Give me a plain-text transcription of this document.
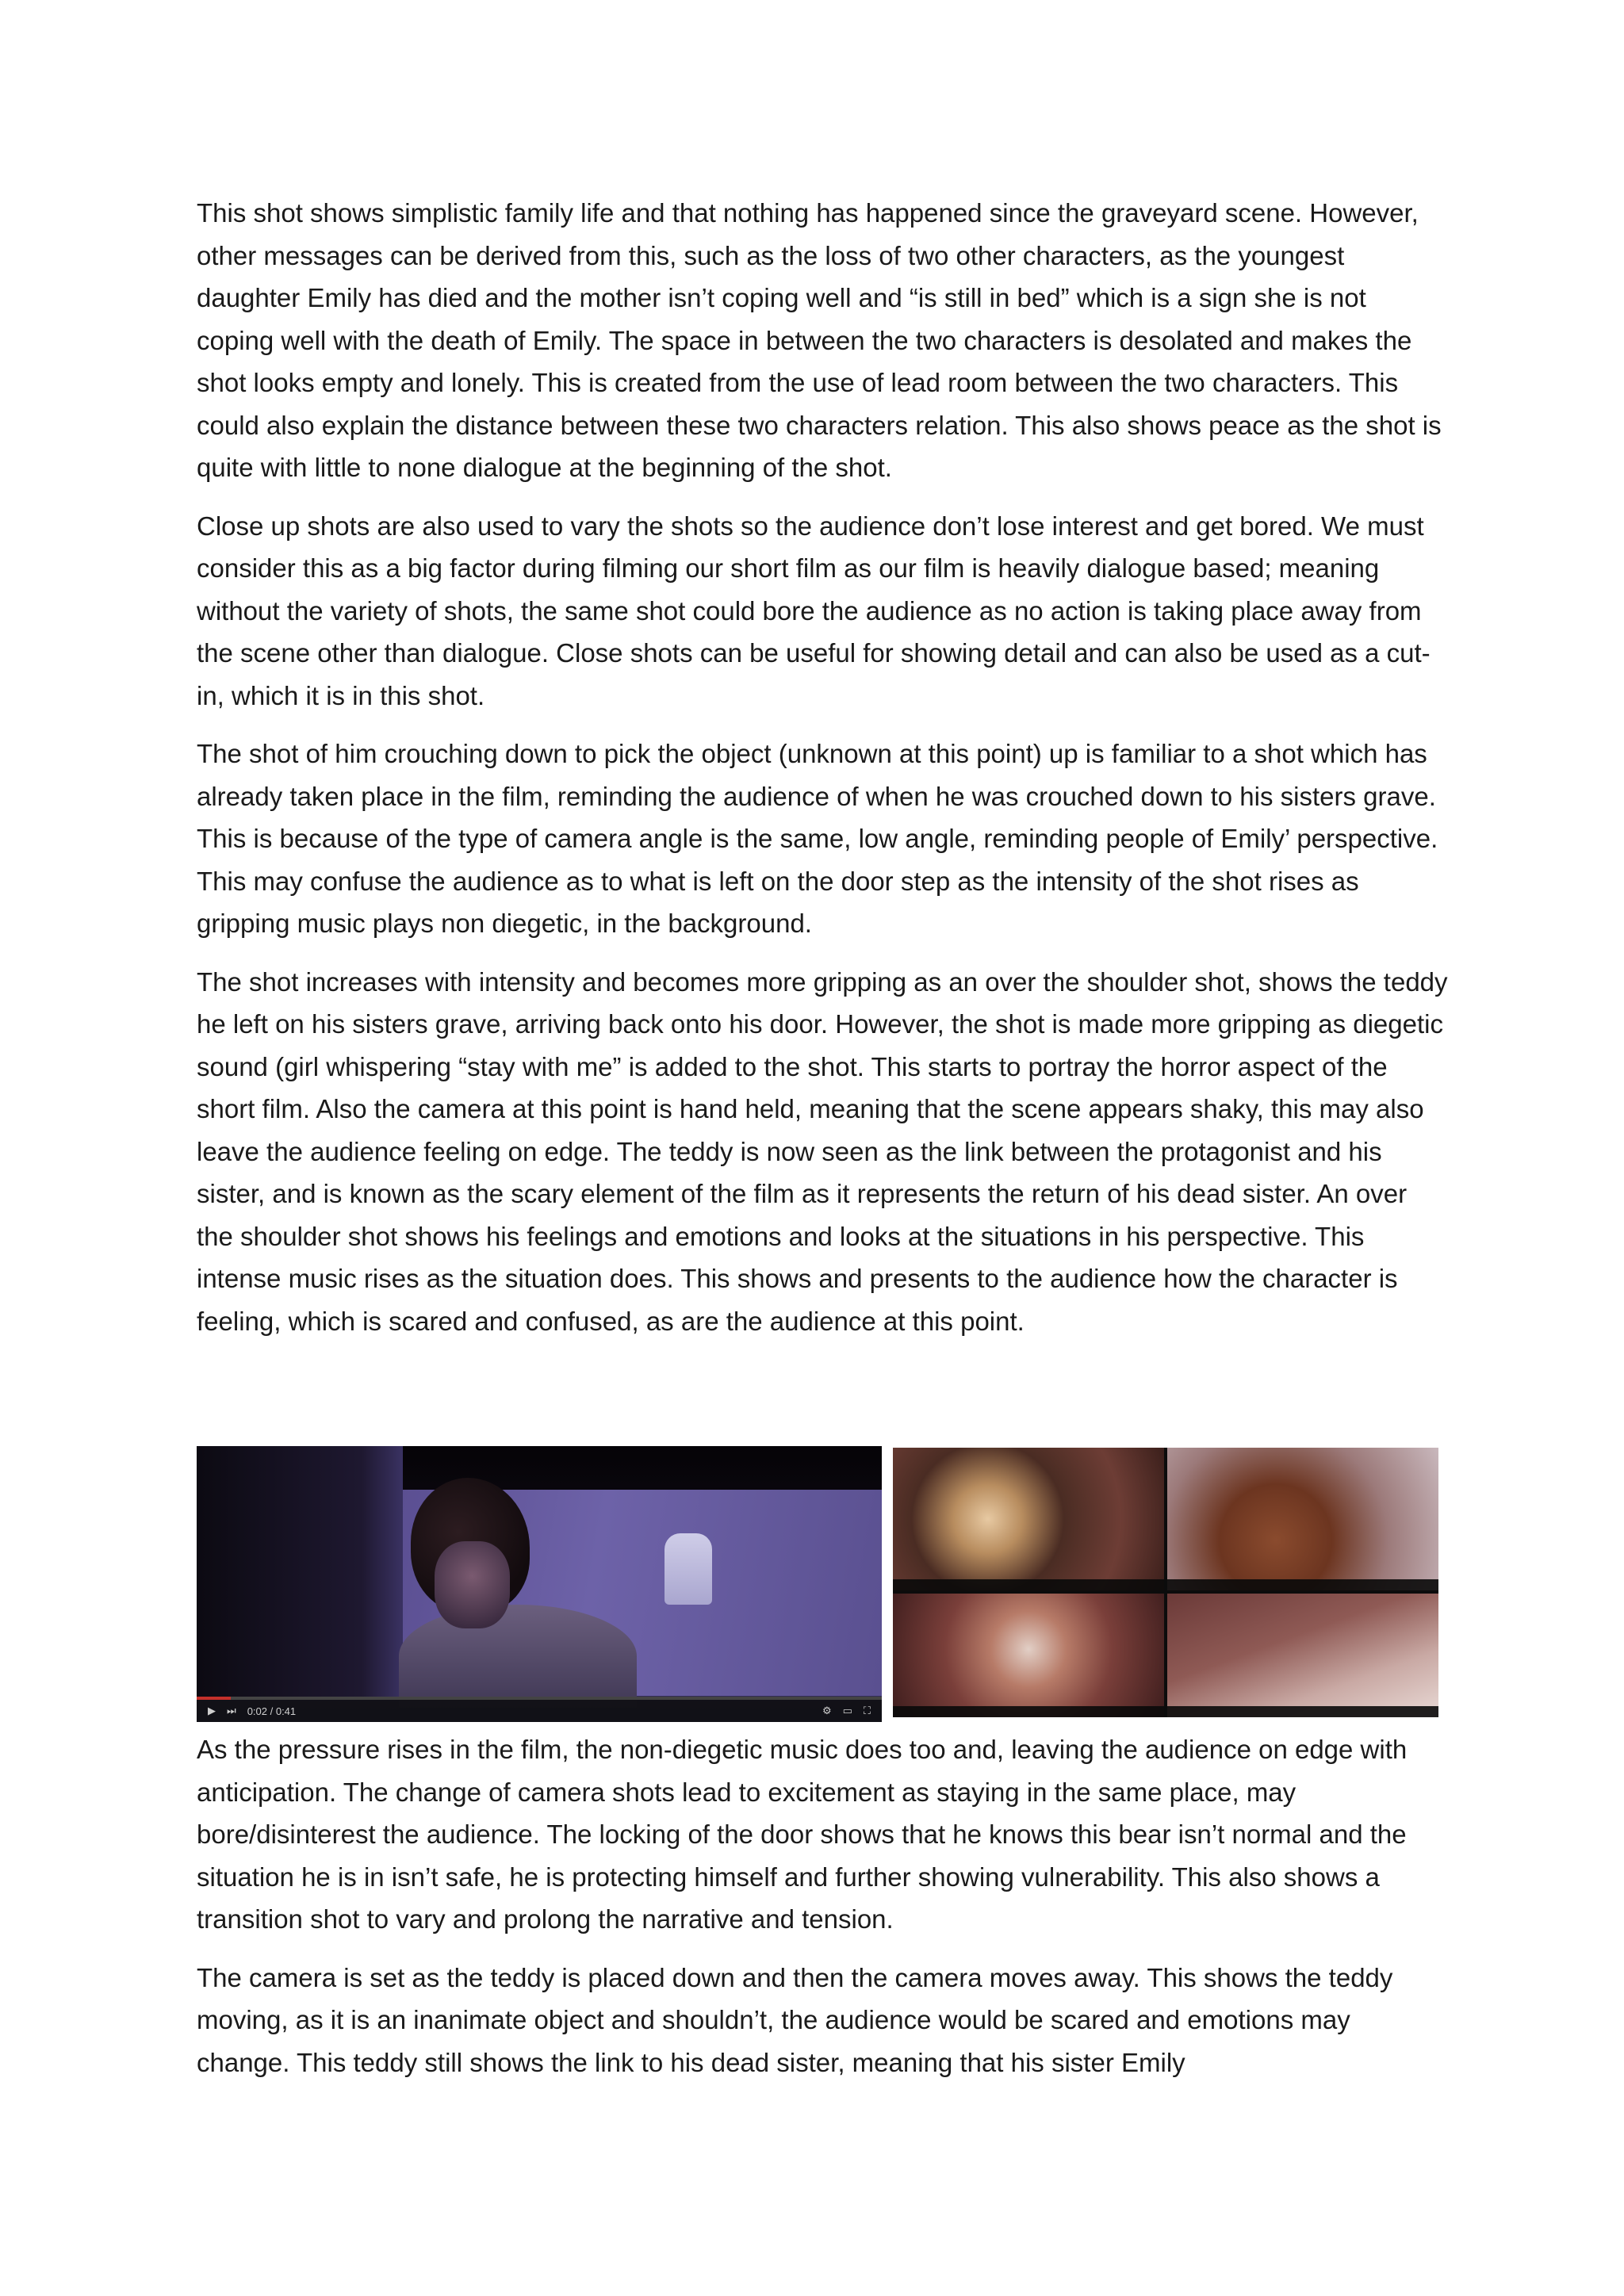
This shot shows simplistic family life and that nothing has happened since the graveyard scene. However, other messages can be derived from this, such as the loss of two other characters, as the youngest daughter Emily has died and the mother isn’t coping well and “is still in bed” which is a sign she is not coping well with the death of Emily. The space in between the two characters is desolated and makes the shot looks empty and lonely. This is created from the use of lead room between the two characters. This could also explain the distance between these two characters relation. This also shows peace as the shot is quite with little to none dialogue at the beginning of the shot.

Close up shots are also used to vary the shots so the audience don’t lose interest and get bored. We must consider this as a big factor during filming our short film as our film is heavily dialogue based; meaning without the variety of shots, the same shot could bore the audience as no action is taking place away from the scene other than dialogue. Close shots can be useful for showing detail and can also be used as a cut-in, which it is in this shot.

The shot of him crouching down to pick the object (unknown at this point) up is familiar to a shot which has already taken place in the film, reminding the audience of when he was crouched down to his sisters grave. This is because of the type of camera angle is the same, low angle, reminding people of Emily’ perspective. This may confuse the audience as to what is left on the door step as the intensity of the shot rises as gripping music plays non diegetic, in the background.

The shot increases with intensity and becomes more gripping as an over the shoulder shot, shows the teddy he left on his sisters grave, arriving back onto his door. However, the shot is made more gripping as diegetic sound (girl whispering “stay with me” is added to the shot. This starts to portray the horror aspect of the short film. Also the camera at this point is hand held, meaning that the scene appears shaky, this may also leave the audience feeling on edge. The teddy is now seen as the link between the protagonist and his sister, and is known as the scary element of the film as it represents the return of his dead sister. An over the shoulder shot shows his feelings and emotions and looks at the situations in his perspective. This intense music rises as the situation does. This shows and presents to the audience how the character is feeling, which is scared and confused, as are the audience at this point.

▶ ⏭ 0:02 / 0:41	⚙ ▭ ⛶

As the pressure rises in the film, the non-diegetic music does too and, leaving the audience on edge with anticipation. The change of camera shots lead to excitement as staying in the same place, may bore/disinterest the audience. The locking of the door shows that he knows this bear isn’t normal and the situation he is in isn’t safe, he is protecting himself and further showing vulnerability. This also shows a transition shot to vary and prolong the narrative and tension.

The camera is set as the teddy is placed down and then the camera moves away. This shows the teddy moving, as it is an inanimate object and shouldn’t, the audience would be scared and emotions may change. This teddy still shows the link to his dead sister, meaning that his sister Emily
